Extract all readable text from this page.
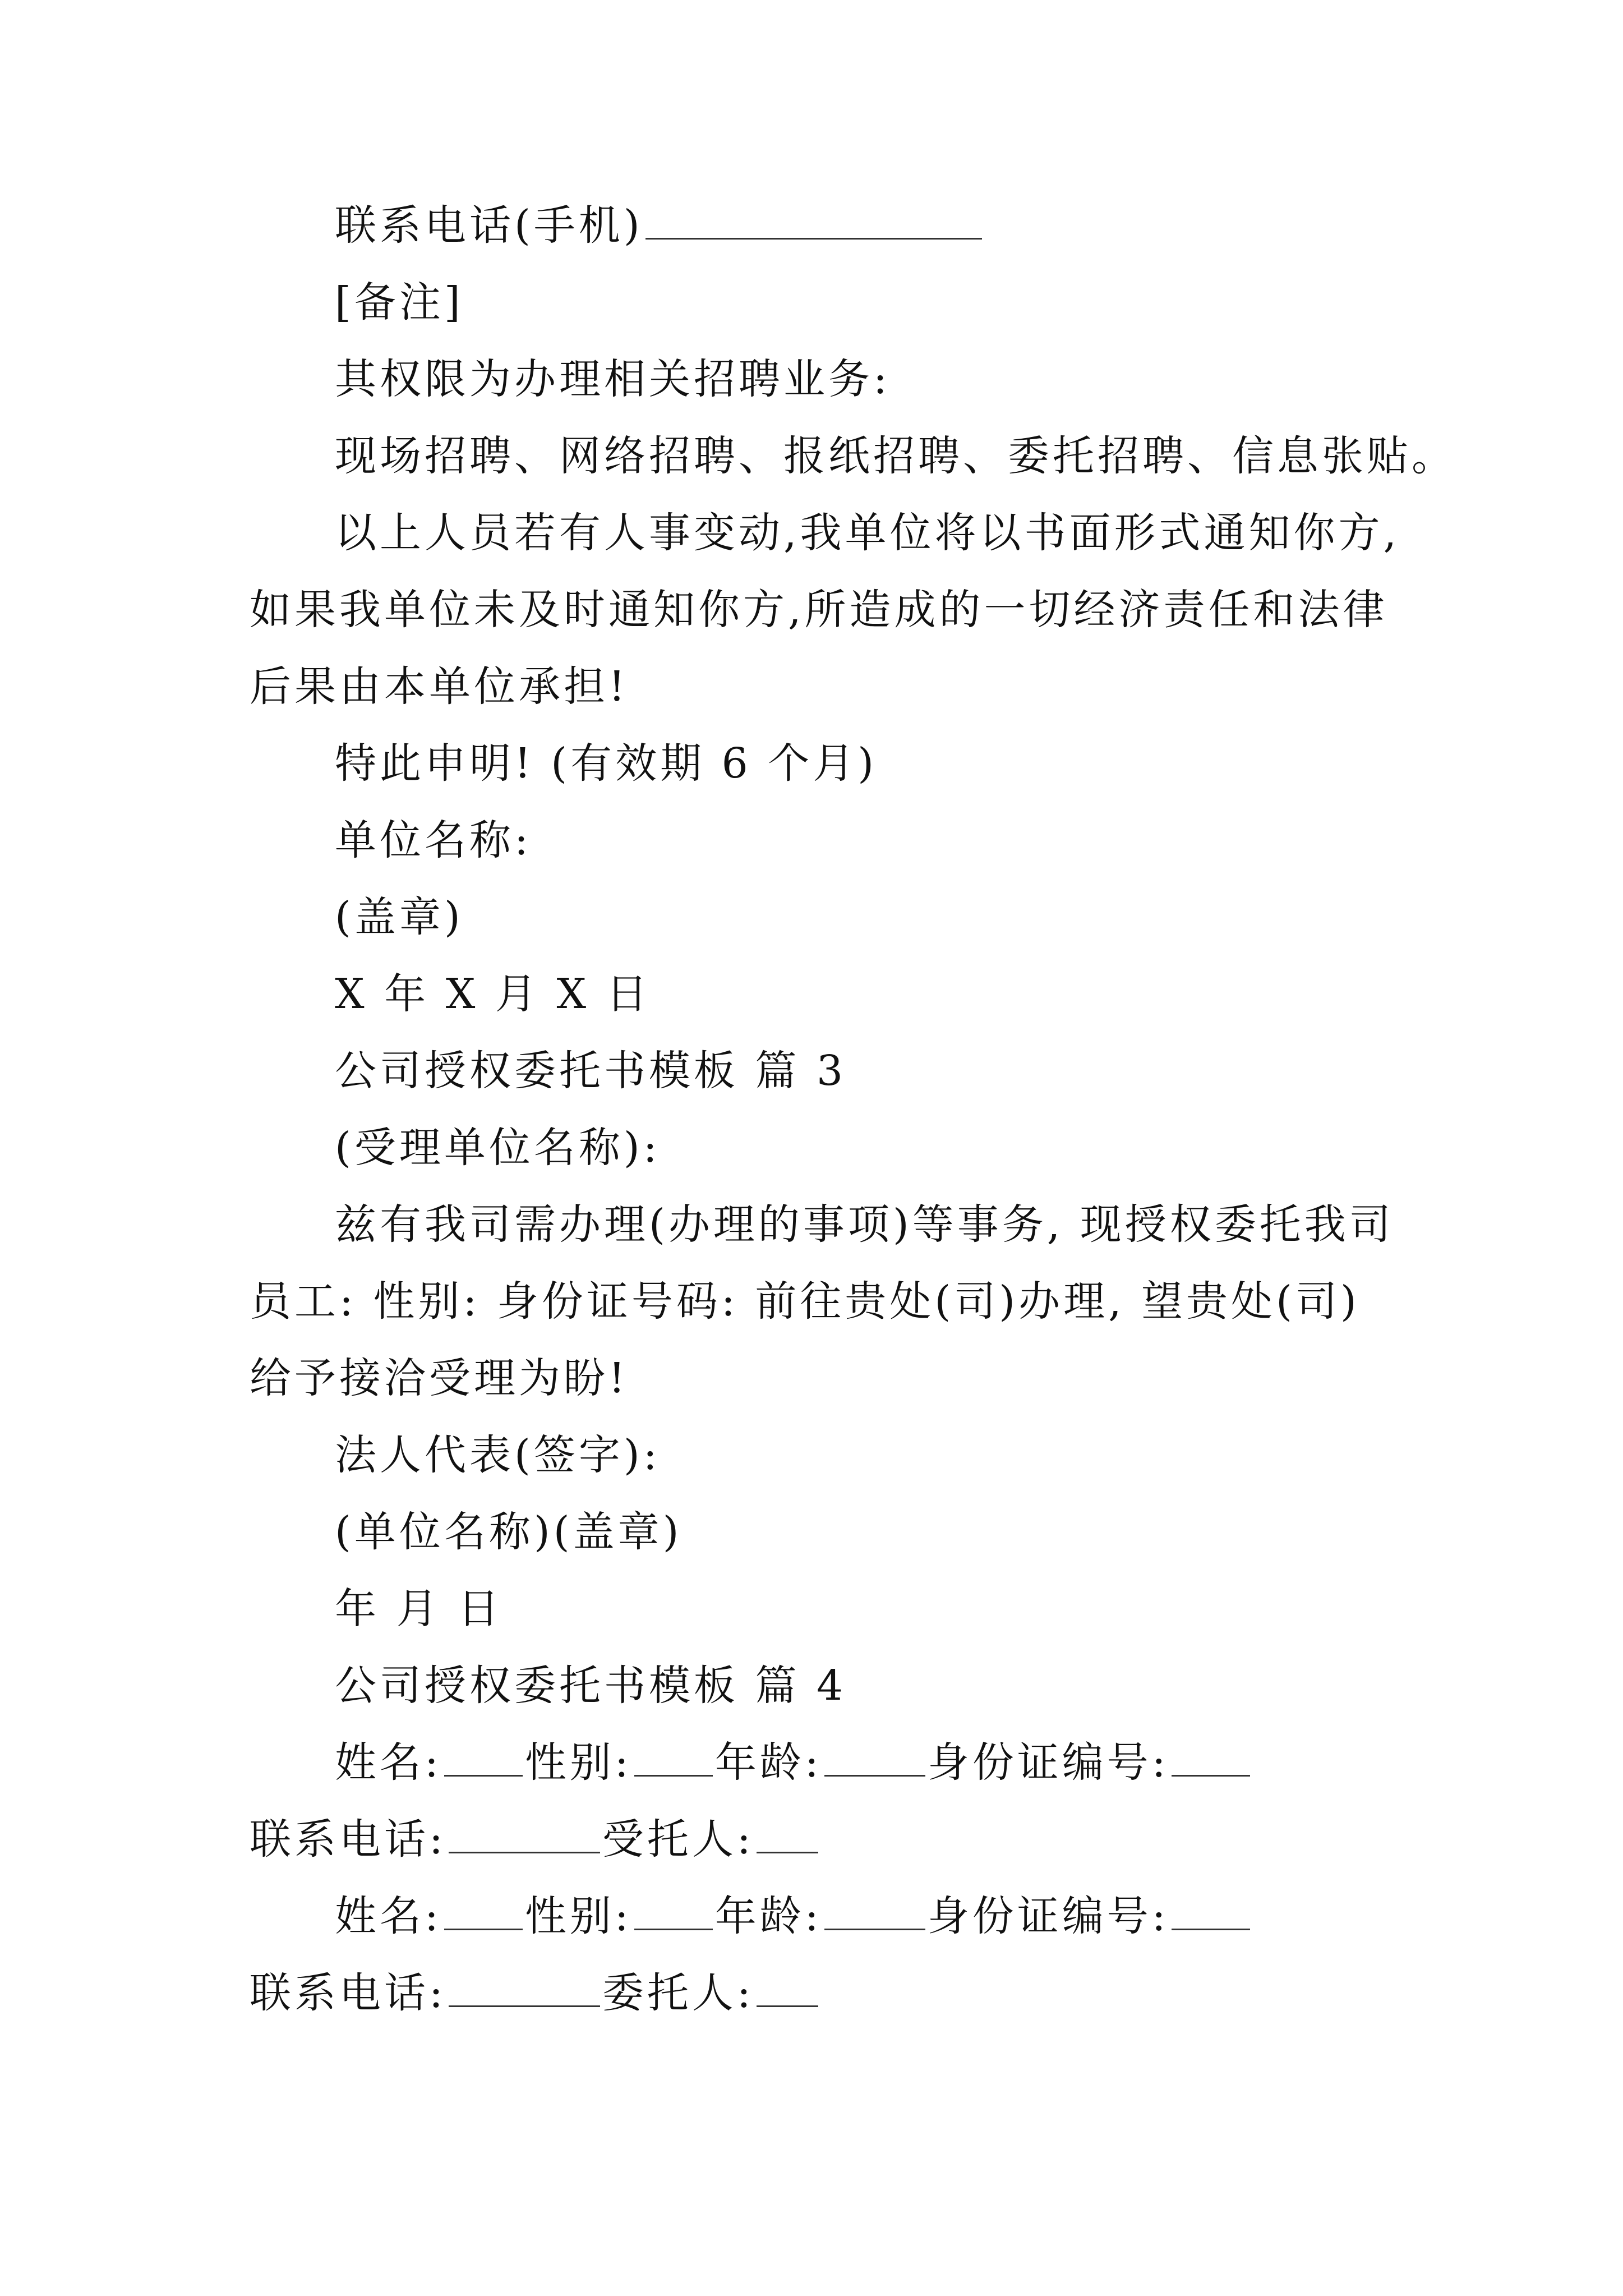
联系电话(手机)

[备注]

其权限为办理相关招聘业务:

现场招聘、网络招聘、报纸招聘、委托招聘、信息张贴。

以上人员若有人事变动,我单位将以书面形式通知你方,

如果我单位未及时通知你方,所造成的一切经济责任和法律

后果由本单位承担!

特此申明! (有效期 6 个月)

单位名称:

(盖章)

X 年 X 月 X 日

公司授权委托书模板 篇 3

(受理单位名称):

兹有我司需办理(办理的事项)等事务, 现授权委托我司

员工: 性别: 身份证号码: 前往贵处(司)办理, 望贵处(司)

给予接洽受理为盼!

法人代表(签字):

(单位名称)(盖章)

年 月 日

公司授权委托书模板 篇 4

姓名: 性别: 年龄:	身份证编号:

联系电话:	受托人:

姓名: 性别: 年龄:	身份证编号:

联系电话:	委托人:
